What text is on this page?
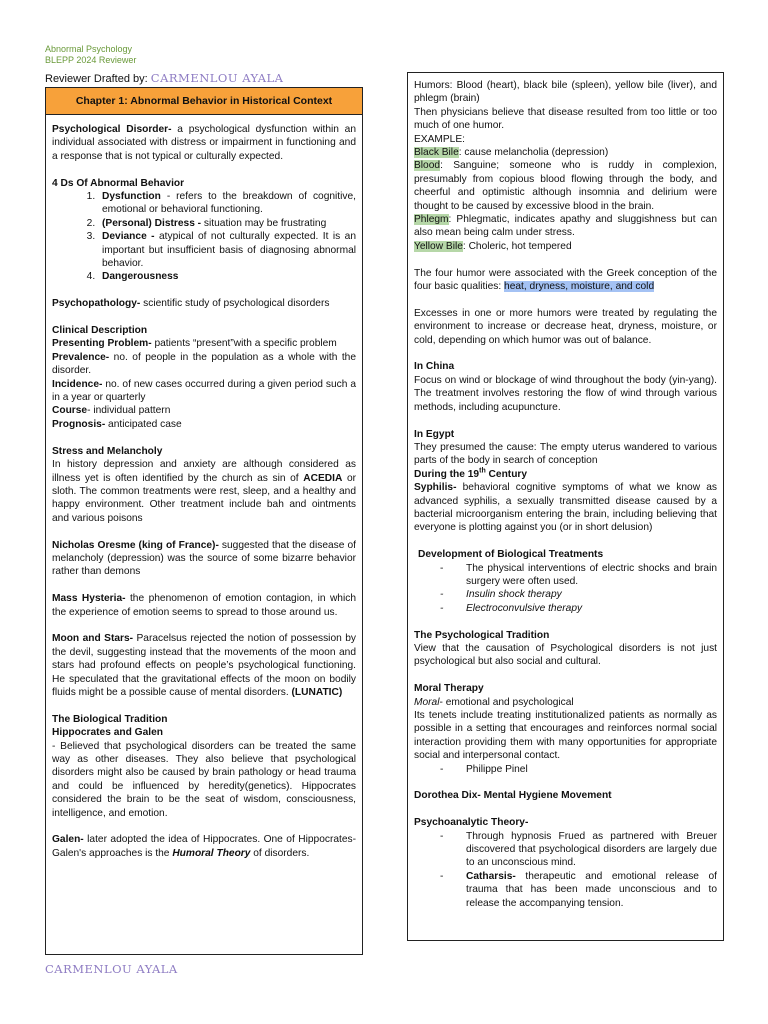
Abnormal Psychology
BLEPP 2024 Reviewer
Reviewer Drafted by: CARMENLOU AYALA
Chapter 1: Abnormal Behavior in Historical Context

Psychological Disorder- a psychological dysfunction within an individual associated with distress or impairment in functioning and a response that is not typical or culturally expected.

4 Ds Of Abnormal Behavior

1. Dysfunction - refers to the breakdown of cognitive, emotional or behavioral functioning.
2. (Personal) Distress - situation may be frustrating
3. Deviance - atypical of not culturally expected. It is an important but insufficient basis of diagnosing abnormal behavior.
4. Dangerousness

Psychopathology- scientific study of psychological disorders

Clinical Description

Presenting Problem- patients “present”with a specific problem

Prevalence- no. of people in the population as a whole with the disorder.

Incidence- no. of new cases occurred during a given period such a in a year or quarterly

Course- individual pattern

Prognosis- anticipated case

Stress and Melancholy

In history depression and anxiety are although considered as illness yet is often identified by the church as sin of ACEDIA or sloth. The common treatments were rest, sleep, and a healthy and happy environment. Other treatment include bah and ointments and various poisons

Nicholas Oresme (king of France)- suggested that the disease of melancholy (depression) was the source of some bizarre behavior rather than demons

Mass Hysteria- the phenomenon of emotion contagion, in which the experience of emotion seems to spread to those around us.

Moon and Stars- Paracelsus rejected the notion of possession by the devil, suggesting instead that the movements of the moon and stars had profound effects on people’s psychological functioning. He speculated that the gravitational effects of the moon on bodily fluids might be a possible cause of mental disorders. (LUNATIC)

The Biological Tradition

Hippocrates and Galen

- Believed that psychological disorders can be treated the same way as other diseases. They also believe that psychological disorders might also be caused by brain pathology or head trauma and could be influenced by heredity(genetics). Hippocrates considered the brain to be the seat of wisdom, consciousness, intelligence, and emotion.

Galen- later adopted the idea of Hippocrates. One of Hippocrates- Galen's approaches is the Humoral Theory of disorders.

Humors: Blood (heart), black bile (spleen), yellow bile (liver), and phlegm (brain)

Then physicians believe that disease resulted from too little or too much of one humor.

EXAMPLE:

Black Bile: cause melancholia (depression)

Blood: Sanguine; someone who is ruddy in complexion, presumably from copious blood flowing through the body, and cheerful and optimistic although insomnia and delirium were thought to be caused by excessive blood in the brain.

Phlegm: Phlegmatic, indicates apathy and sluggishness but can also mean being calm under stress.

Yellow Bile: Choleric, hot tempered

The four humor were associated with the Greek conception of the four basic qualities: heat, dryness, moisture, and cold

Excesses in one or more humors were treated by regulating the environment to increase or decrease heat, dryness, moisture, or cold, depending on which humor was out of balance.

In China

Focus on wind or blockage of wind throughout the body (yin-yang). The treatment involves restoring the flow of wind through various methods, including acupuncture.

In Egypt

They presumed the cause: The empty uterus wandered to various parts of the body in search of conception

During the 19th Century

Syphilis- behavioral cognitive symptoms of what we know as advanced syphilis, a sexually transmitted disease caused by a bacterial microorganism entering the brain, including believing that everyone is plotting against you (or in short delusion)

Development of Biological Treatments

- The physical interventions of electric shocks and brain surgery were often used.
- Insulin shock therapy
- Electroconvulsive therapy

The Psychological Tradition

View that the causation of Psychological disorders is not just psychological but also social and cultural.

Moral Therapy

Moral- emotional and psychological

Its tenets include treating institutionalized patients as normally as possible in a setting that encourages and reinforces normal social interaction providing them with many opportunities for appropriate social and interpersonal contact.

- Philippe Pinel

Dorothea Dix- Mental Hygiene Movement

Psychoanalytic Theory-

- Through hypnosis Frued as partnered with Breuer discovered that psychological disorders are largely due to an unconscious mind.
- Catharsis- therapeutic and emotional release of trauma that has been made unconscious and to release the accompanying tension.
CARMENLOU AYALA
